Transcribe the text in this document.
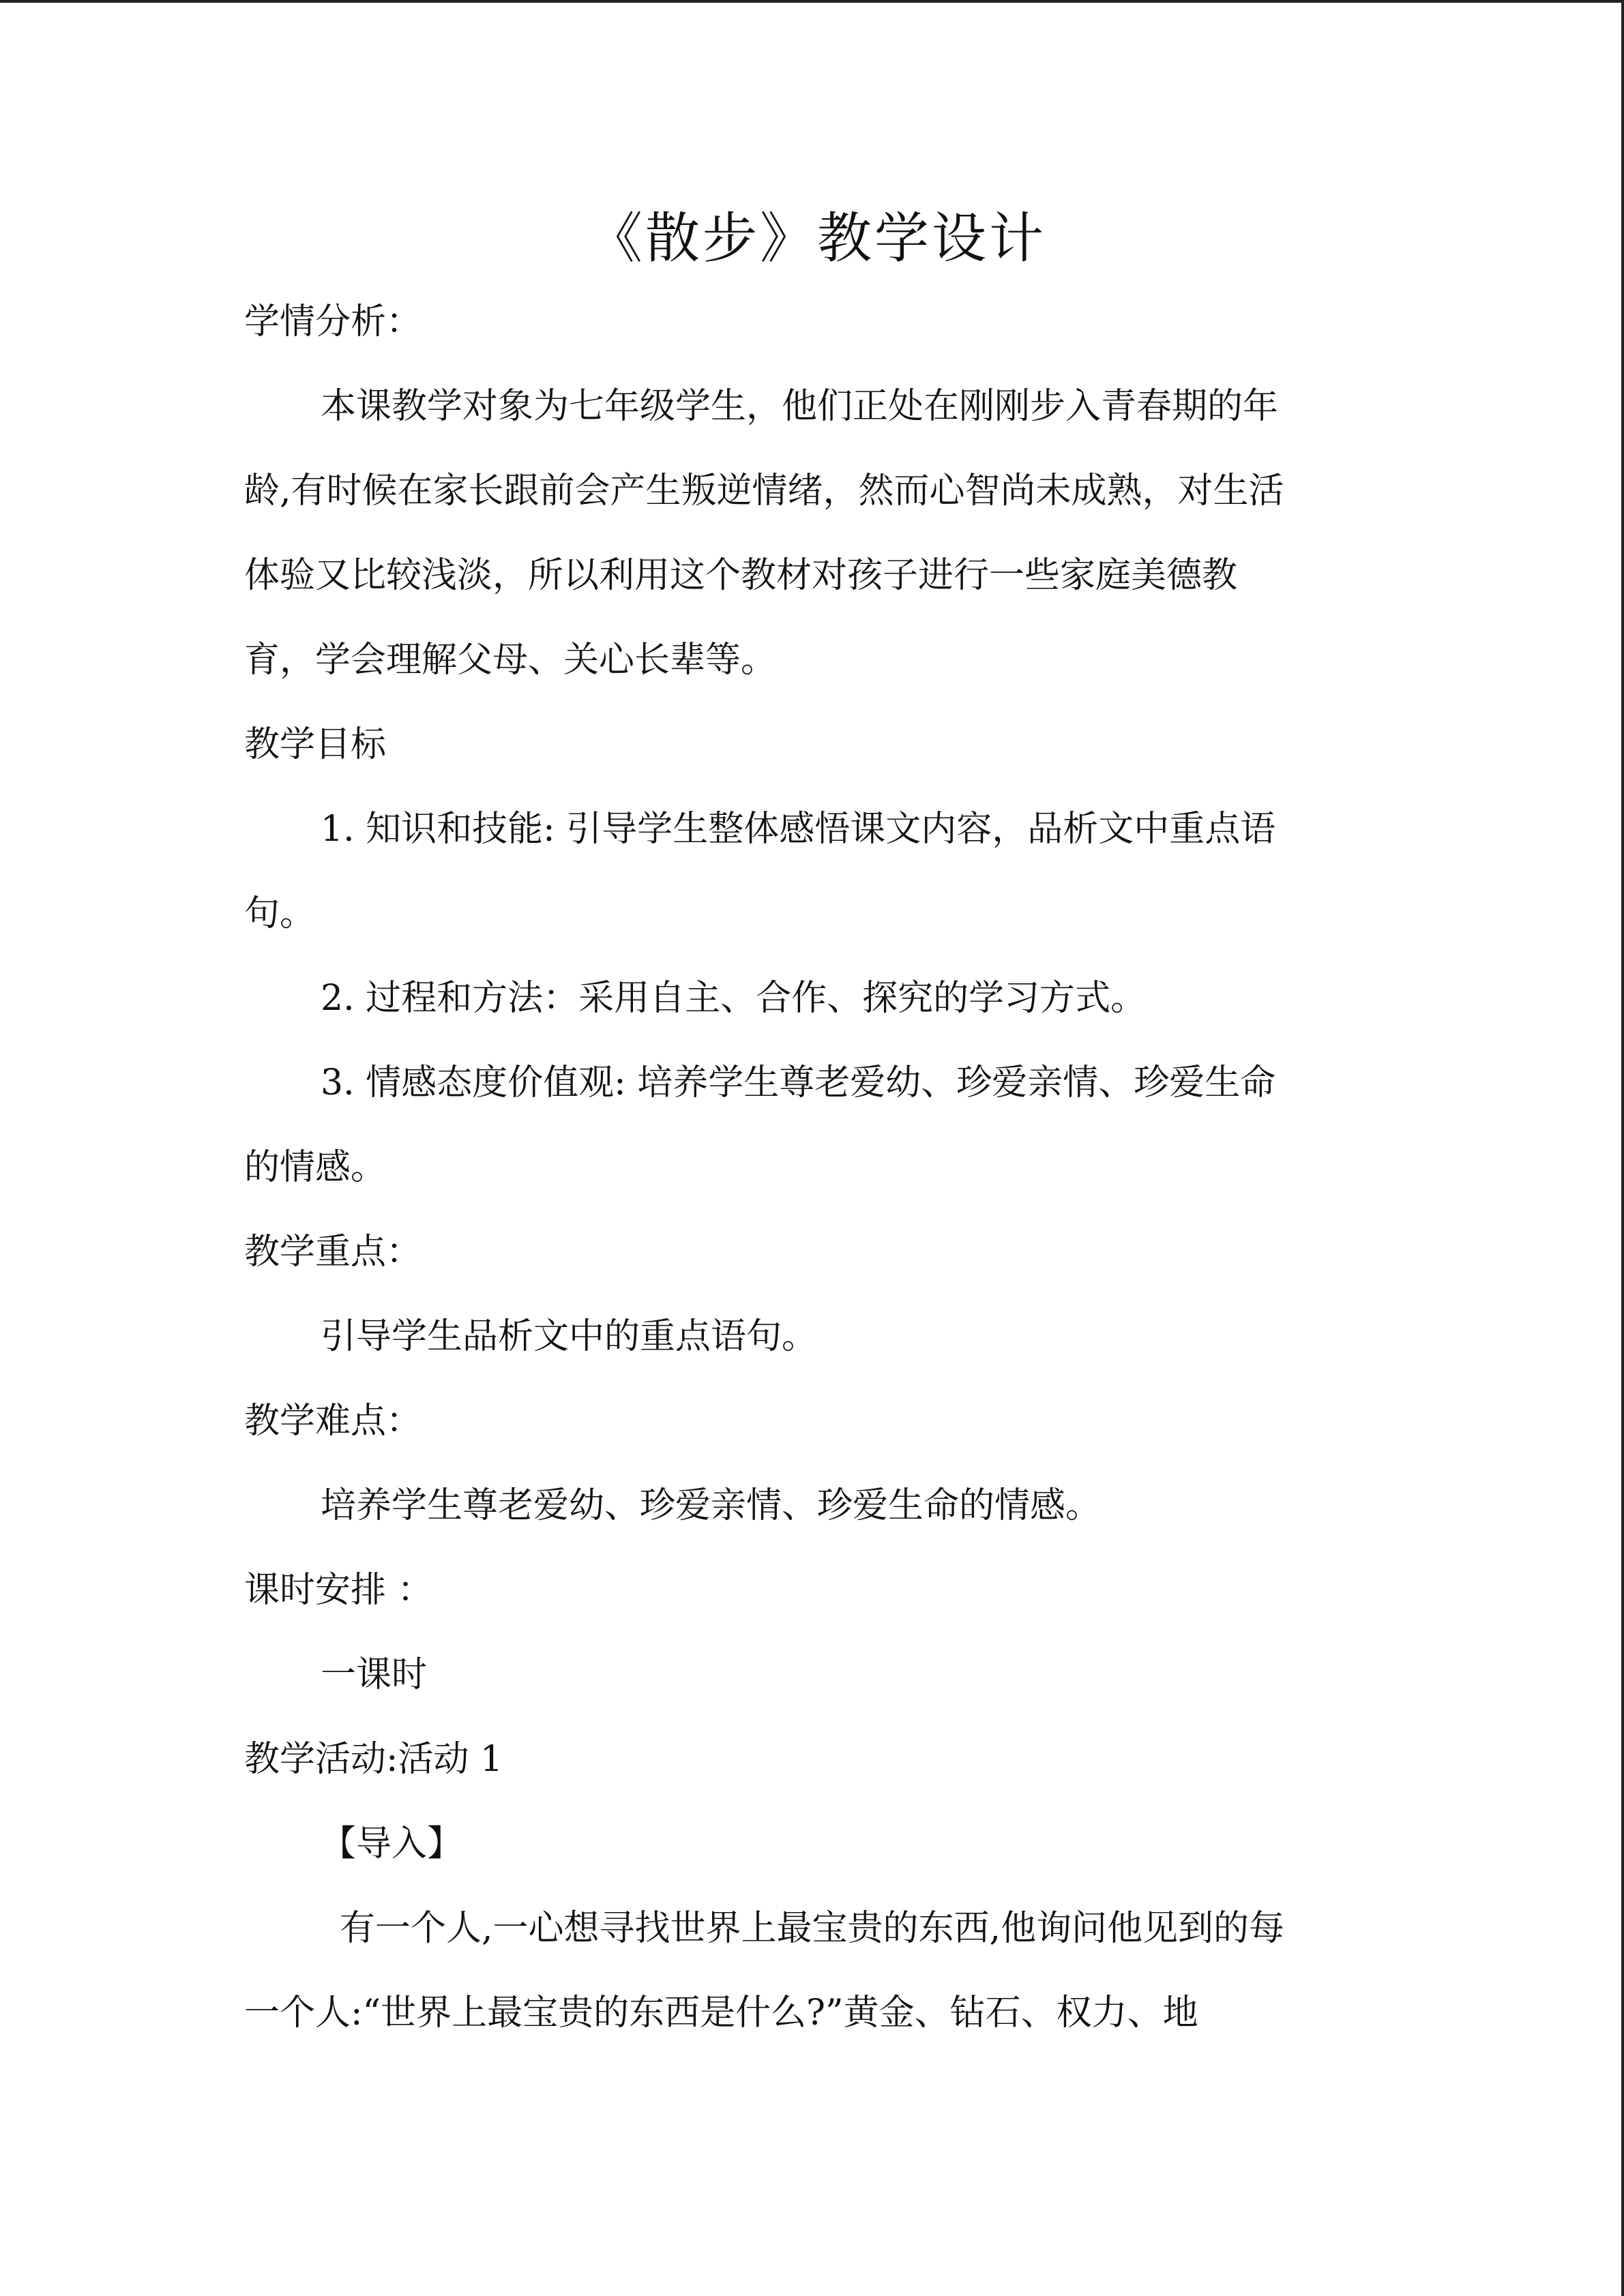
《散步》教学设计

学情分析：

本课教学对象为七年级学生，他们正处在刚刚步入青春期的年

龄,有时候在家长跟前会产生叛逆情绪，然而心智尚未成熟，对生活

体验又比较浅淡，所以利用这个教材对孩子进行一些家庭美德教

育，学会理解父母、关心长辈等。

教学目标

1. 知识和技能: 引导学生整体感悟课文内容，品析文中重点语

句。

2. 过程和方法：采用自主、合作、探究的学习方式。

3. 情感态度价值观: 培养学生尊老爱幼、珍爱亲情、珍爱生命

的情感。

教学重点：

引导学生品析文中的重点语句。

教学难点：

培养学生尊老爱幼、珍爱亲情、珍爱生命的情感。

课时安排 ：

一课时

教学活动:活动 1

【导入】

有一个人,一心想寻找世界上最宝贵的东西,他询问他见到的每

一个人:“世界上最宝贵的东西是什么?”黄金、钻石、权力、地
